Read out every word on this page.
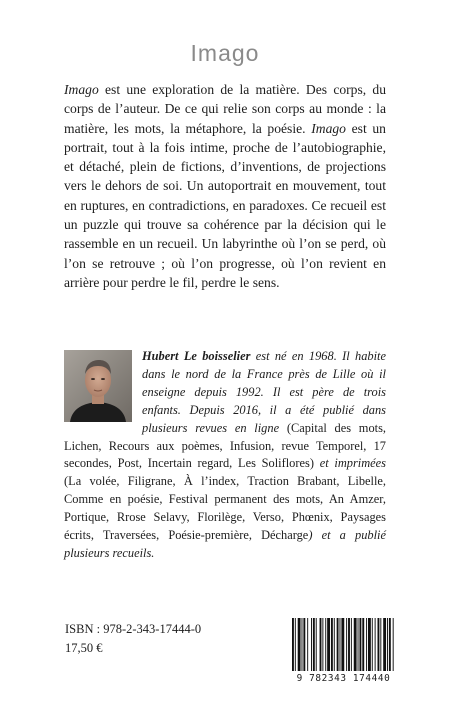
Imago

Imago est une exploration de la matière. Des corps, du corps de l’auteur. De ce qui relie son corps au monde : la matière, les mots, la métaphore, la poésie. Imago est un portrait, tout à la fois intime, proche de l’autobiographie, et détaché, plein de fictions, d’inventions, de projections vers le dehors de soi. Un autoportrait en mouvement, tout en ruptures, en contradictions, en paradoxes. Ce recueil est un puzzle qui trouve sa cohérence par la décision qui le rassemble en un recueil. Un labyrinthe où l’on se perd, où l’on se retrouve ; où l’on progresse, où l’on revient en arrière pour perdre le fil, perdre le sens.

Hubert Le boisselier est né en 1968. Il habite dans le nord de la France près de Lille où il enseigne depuis 1992. Il est père de trois enfants. Depuis 2016, il a été publié dans plusieurs revues en ligne (Capital des mots, Lichen, Recours aux poèmes, Infusion, revue Temporel, 17 secondes, Post, Incertain regard, Les Soliflores) et imprimées (La volée, Filigrane, À l’index, Traction Brabant, Libelle, Comme en poésie, Festival permanent des mots, An Amzer, Portique, Rrose Selavy, Florilège, Verso, Phœnix, Paysages écrits, Traversées, Poésie-première, Décharge) et a publié plusieurs recueils.

ISBN : 978-2-343-17444-0
17,50 €
9 782343 174440
